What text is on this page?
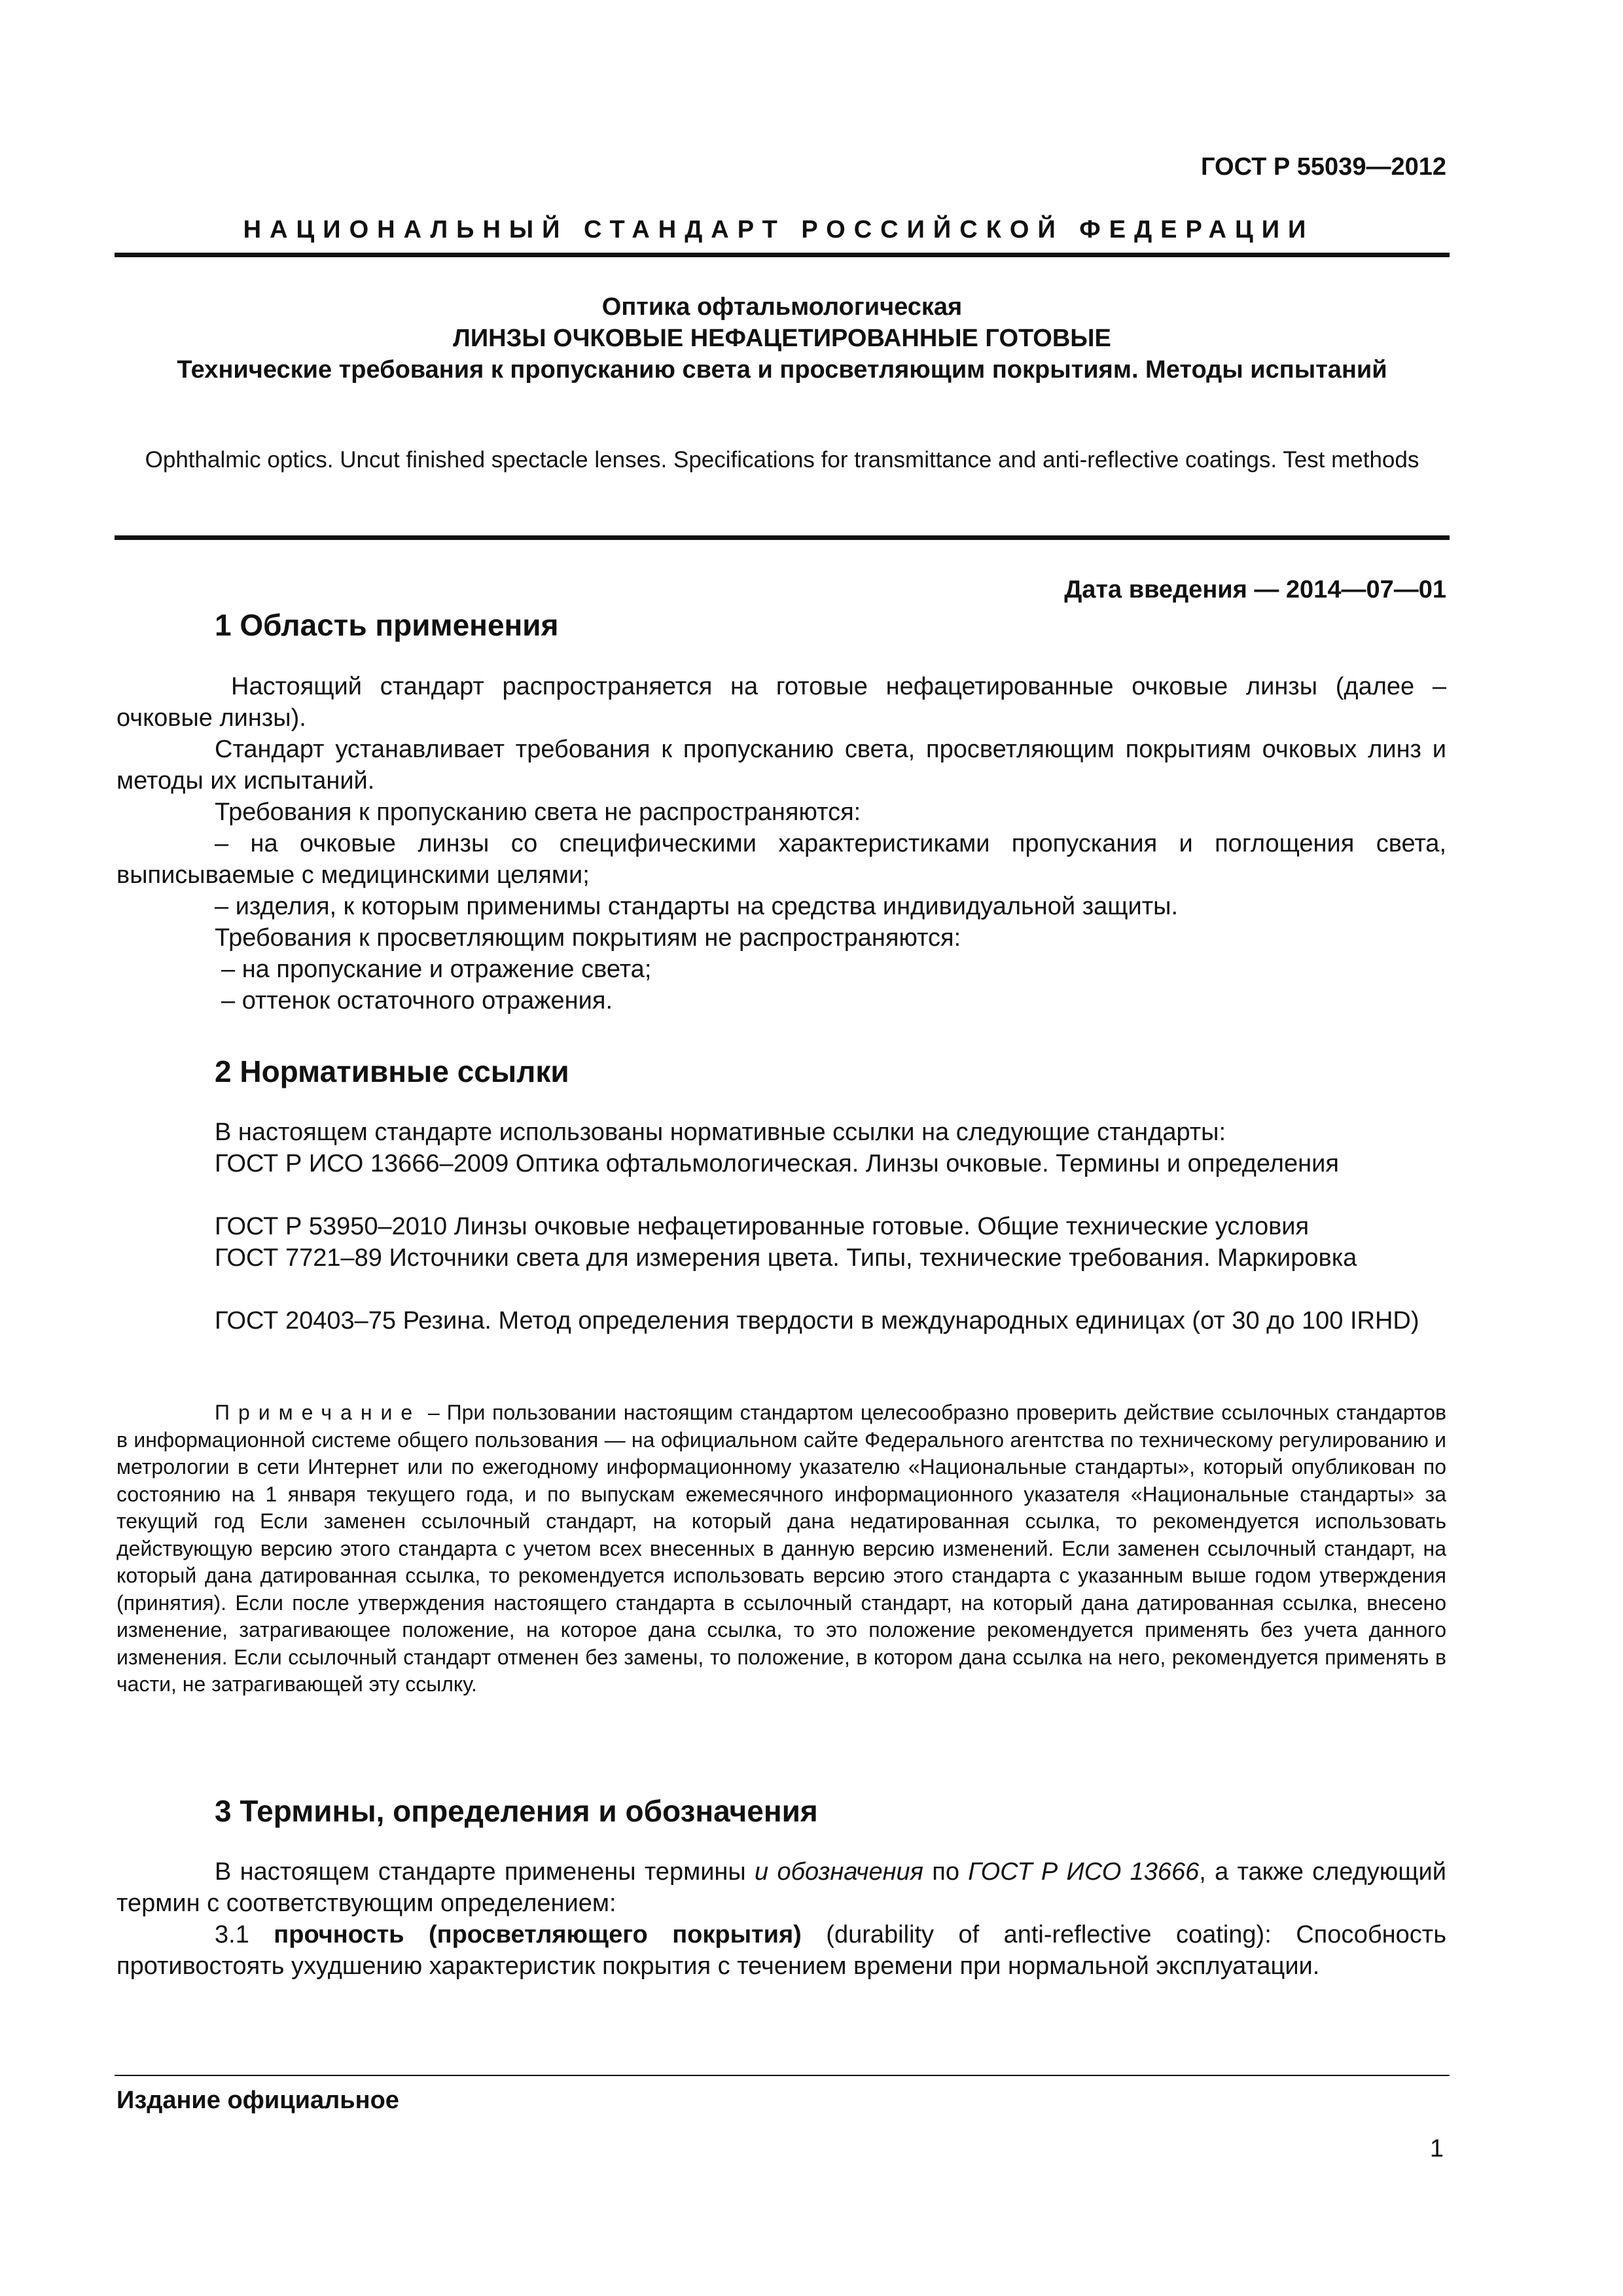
ГОСТ Р 55039—2012
НАЦИОНАЛЬНЫЙ СТАНДАРТ РОССИЙСКОЙ ФЕДЕРАЦИИ
Оптика офтальмологическая
ЛИНЗЫ ОЧКОВЫЕ НЕФАЦЕТИРОВАННЫЕ ГОТОВЫЕ
Технические требования к пропусканию света и просветляющим покрытиям. Методы испытаний
Ophthalmic optics. Uncut finished spectacle lenses. Specifications for transmittance and anti-reflective coatings. Test methods
Дата введения — 2014—07—01
1 Область применения
Настоящий стандарт распространяется на готовые нефацетированные очковые линзы (далее – очковые линзы).
Стандарт устанавливает требования к пропусканию света, просветляющим покрытиям очковых линз и методы их испытаний.
Требования к пропусканию света не распространяются:
– на очковые линзы со специфическими характеристиками пропускания и поглощения света, выписываемые с медицинскими целями;
– изделия, к которым применимы стандарты на средства индивидуальной защиты.
Требования к просветляющим покрытиям не распространяются:
– на пропускание и отражение света;
– оттенок остаточного отражения.
2 Нормативные ссылки
В настоящем стандарте использованы нормативные ссылки на следующие стандарты:
ГОСТ Р ИСО 13666–2009 Оптика офтальмологическая. Линзы очковые. Термины и определения
ГОСТ Р 53950–2010 Линзы очковые нефацетированные готовые. Общие технические условия
ГОСТ 7721–89 Источники света для измерения цвета. Типы, технические требования. Маркировка
ГОСТ 20403–75 Резина. Метод определения твердости в международных единицах (от 30 до 100 IRHD)
Примечание – При пользовании настоящим стандартом целесообразно проверить действие ссылочных стандартов в информационной системе общего пользования — на официальном сайте Федерального агентства по техническому регулированию и метрологии в сети Интернет или по ежегодному информационному указателю «Национальные стандарты», который опубликован по состоянию на 1 января текущего года, и по выпускам ежемесячного информационного указателя «Национальные стандарты» за текущий год Если заменен ссылочный стандарт, на который дана недатированная ссылка, то рекомендуется использовать действующую версию этого стандарта с учетом всех внесенных в данную версию изменений. Если заменен ссылочный стандарт, на который дана датированная ссылка, то рекомендуется использовать версию этого стандарта с указанным выше годом утверждения (принятия). Если после утверждения настоящего стандарта в ссылочный стандарт, на который дана датированная ссылка, внесено изменение, затрагивающее положение, на которое дана ссылка, то это положение рекомендуется применять без учета данного изменения. Если ссылочный стандарт отменен без замены, то положение, в котором дана ссылка на него, рекомендуется применять в части, не затрагивающей эту ссылку.
3 Термины, определения и обозначения
В настоящем стандарте применены термины и обозначения по ГОСТ Р ИСО 13666, а также следующий термин с соответствующим определением:
3.1 прочность (просветляющего покрытия) (durability of anti-reflective coating): Способность противостоять ухудшению характеристик покрытия с течением времени при нормальной эксплуатации.
Издание официальное
1
